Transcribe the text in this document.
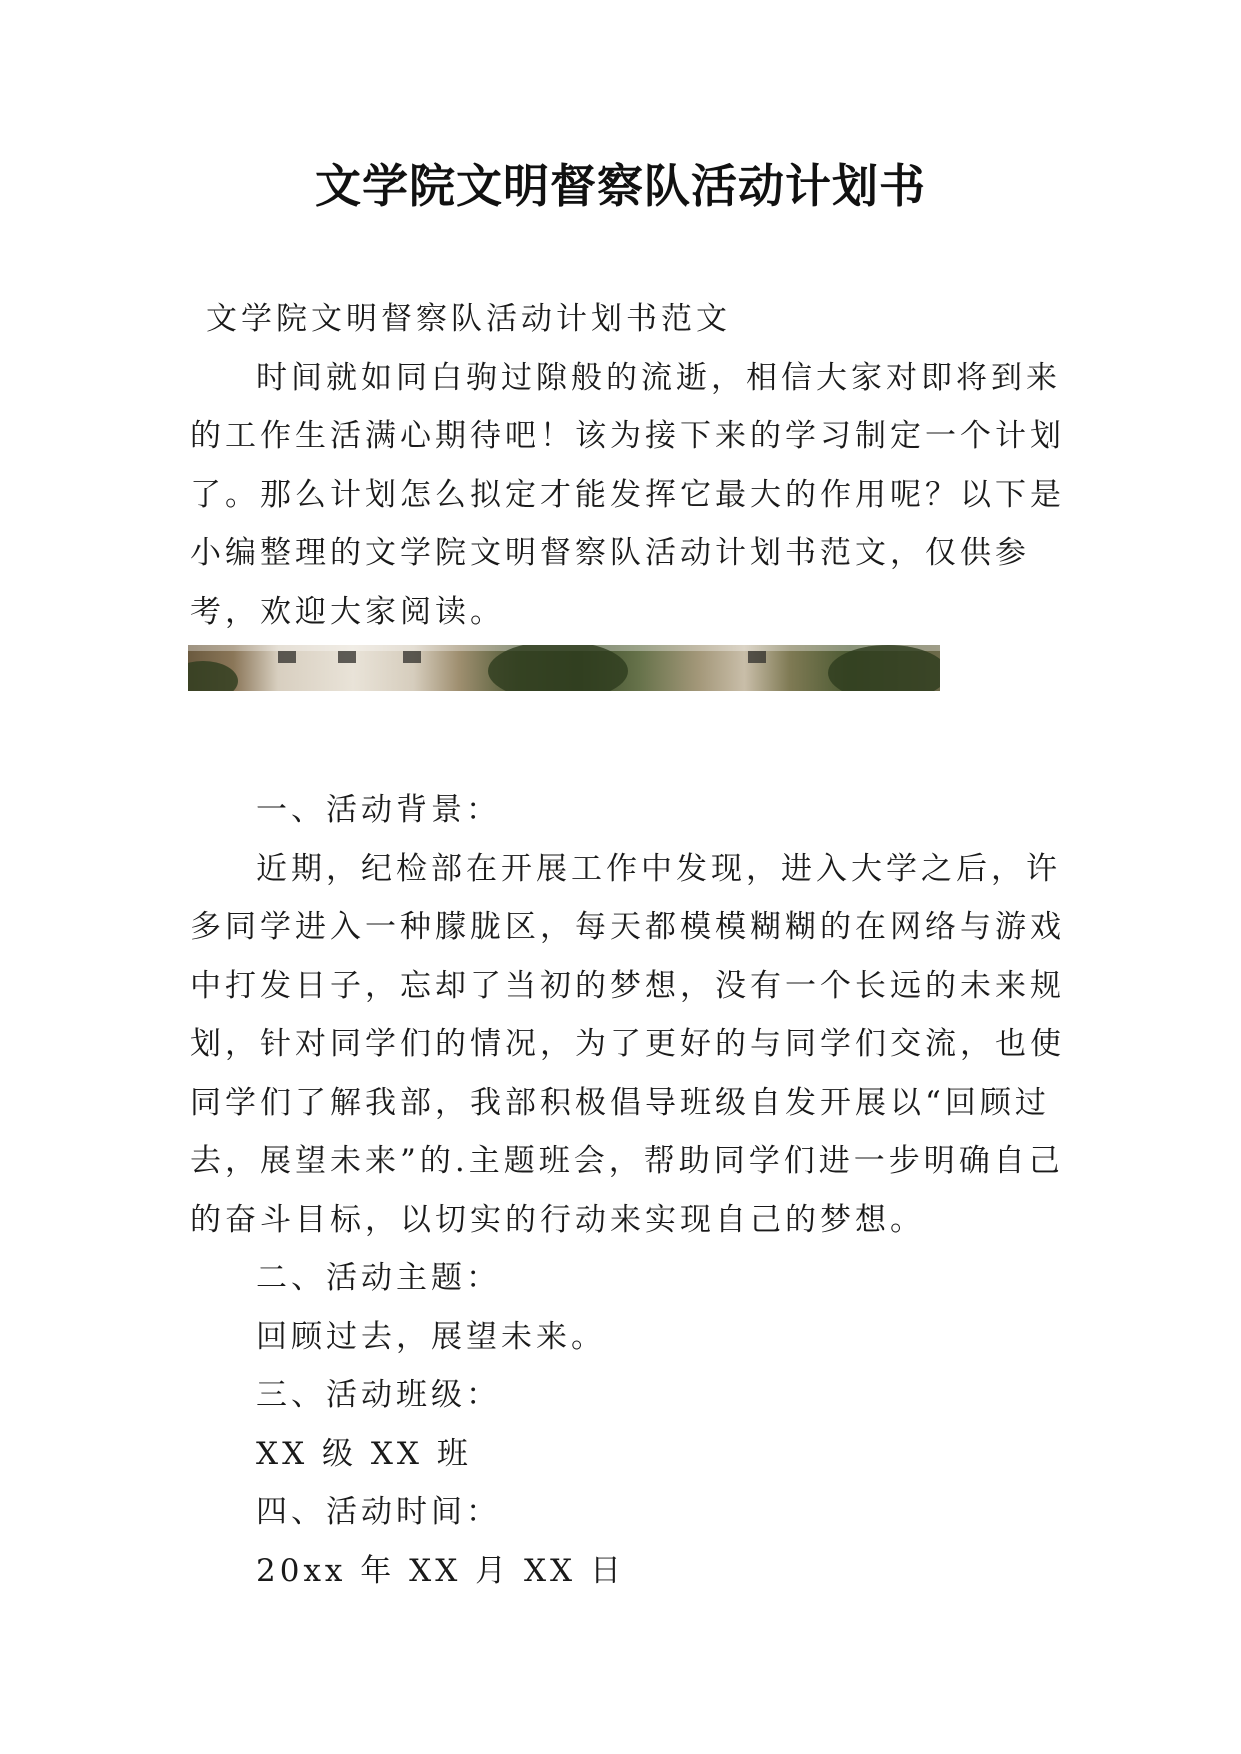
文学院文明督察队活动计划书

文学院文明督察队活动计划书范文

时间就如同白驹过隙般的流逝，相信大家对即将到来的工作生活满心期待吧！该为接下来的学习制定一个计划了。那么计划怎么拟定才能发挥它最大的作用呢？以下是小编整理的文学院文明督察队活动计划书范文，仅供参考，欢迎大家阅读。

一、活动背景：

近期，纪检部在开展工作中发现，进入大学之后，许多同学进入一种朦胧区，每天都模模糊糊的在网络与游戏中打发日子，忘却了当初的梦想，没有一个长远的未来规划，针对同学们的情况，为了更好的与同学们交流，也使同学们了解我部，我部积极倡导班级自发开展以“回顾过去，展望未来”的.主题班会，帮助同学们进一步明确自己的奋斗目标，以切实的行动来实现自己的梦想。

二、活动主题：

回顾过去，展望未来。

三、活动班级：

XX 级 XX 班

四、活动时间：

20xx 年 XX 月 XX 日
